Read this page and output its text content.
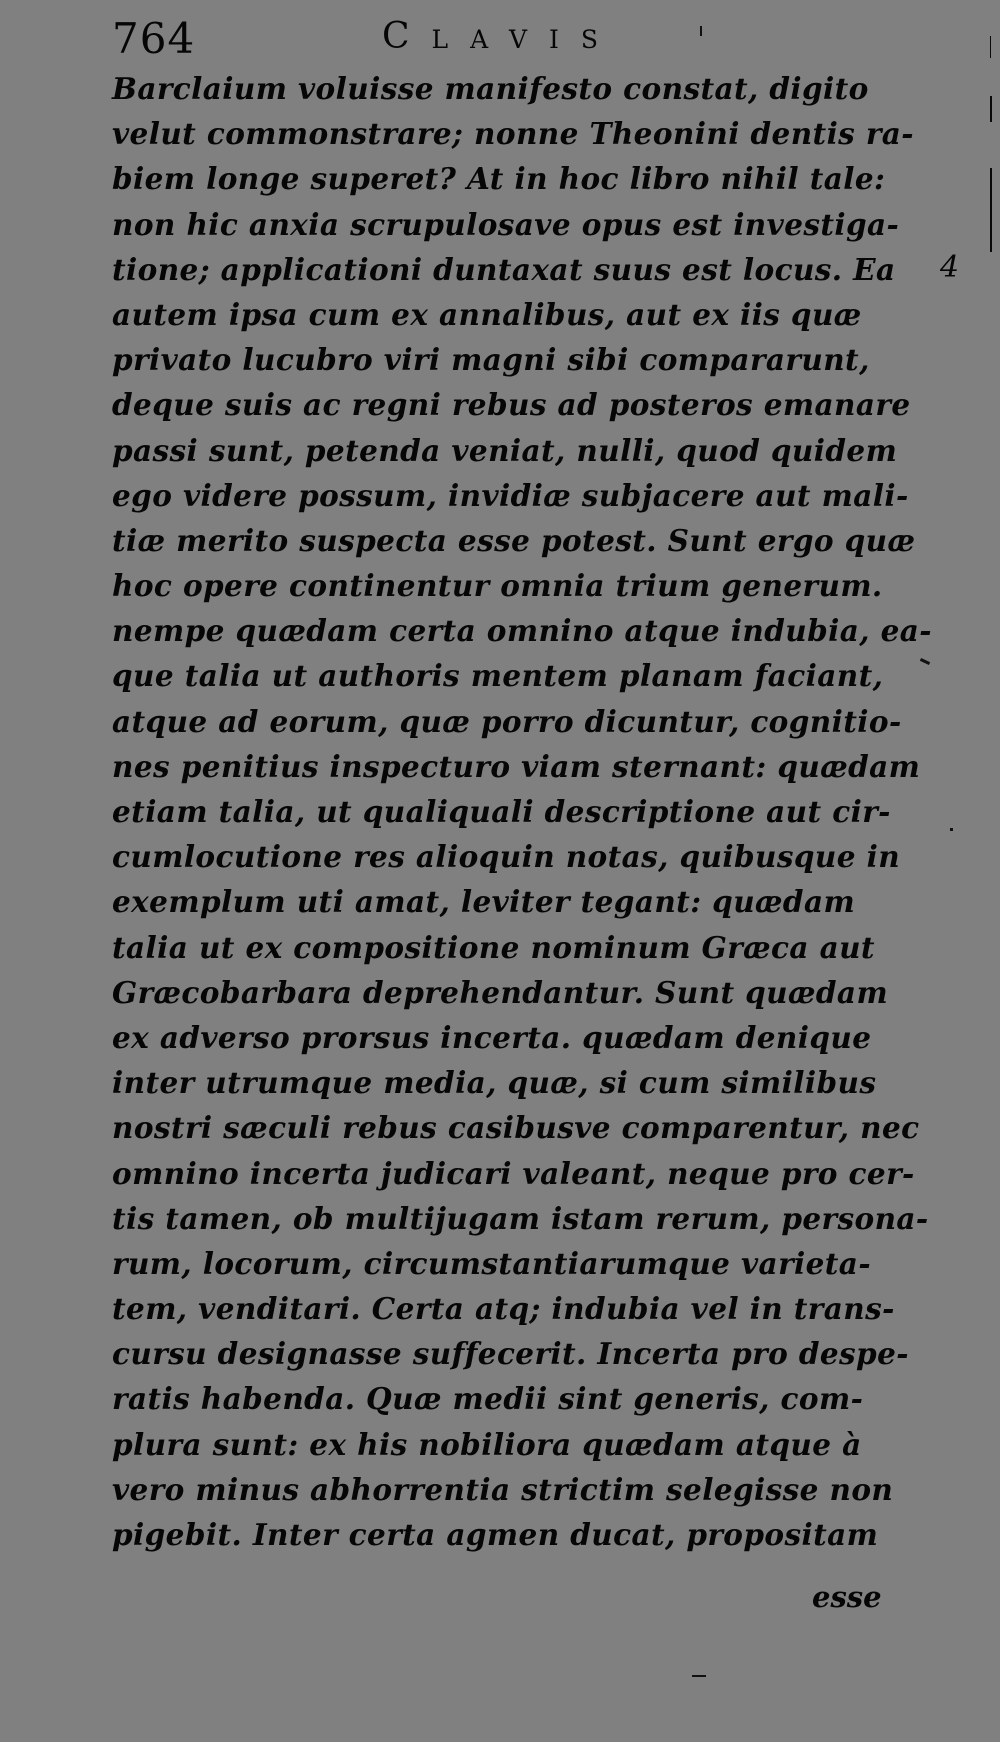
764	Clavis
Barclaium voluisse manifesto constat, digito
velut commonstrare; nonne Theonini dentis ra-
biem longe superet? At in hoc libro nihil tale:
non hic anxia scrupulosave opus est investiga-
tione; applicationi duntaxat suus est locus. Ea
autem ipsa cum ex annalibus, aut ex iis quæ
privato lucubro viri magni sibi compararunt,
deque suis ac regni rebus ad posteros emanare
passi sunt, petenda veniat, nulli, quod quidem
ego videre possum, invidiæ subjacere aut mali-
tiæ merito suspecta esse potest. Sunt ergo quæ
hoc opere continentur omnia trium generum.
nempe quædam certa omnino atque indubia, ea-
que talia ut authoris mentem planam faciant,
atque ad eorum, quæ porro dicuntur, cognitio-
nes penitius inspecturo viam sternant: quædam
etiam talia, ut qualiquali descriptione aut cir-
cumlocutione res alioquin notas, quibusque in
exemplum uti amat, leviter tegant: quædam
talia ut ex compositione nominum Græca aut
Græcobarbara deprehendantur. Sunt quædam
ex adverso prorsus incerta. quædam denique
inter utrumque media, quæ, si cum similibus
nostri sæculi rebus casibusve comparentur, nec
omnino incerta judicari valeant, neque pro cer-
tis tamen, ob multijugam istam rerum, persona-
rum, locorum, circumstantiarumque varieta-
tem, venditari. Certa atq; indubia vel in trans-
cursu designasse suffecerit. Incerta pro despe-
ratis habenda. Quæ medii sint generis, com-
plura sunt: ex his nobiliora quædam atque à
vero minus abhorrentia strictim selegisse non
pigebit. Inter certa agmen ducat, propositam
esse
4
